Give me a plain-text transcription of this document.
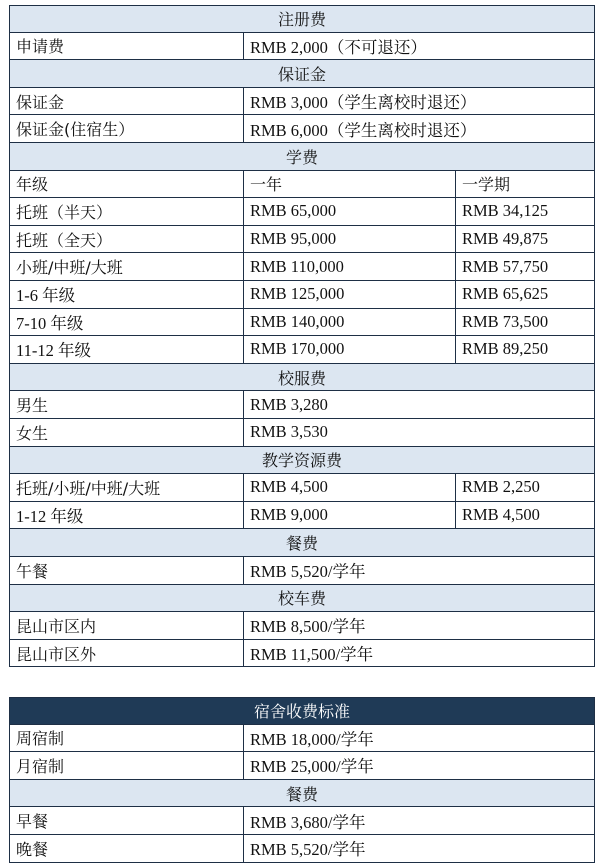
注册费
申请费	RMB 2,000（不可退还）
保证金
保证金	RMB 3,000（学生离校时退还）
保证金(住宿生）	RMB 6,000（学生离校时退还）
学费
年级	一年	一学期
托班（半天）	RMB 65,000	RMB 34,125
托班（全天）	RMB 95,000	RMB 49,875
小班/中班/大班	RMB 110,000	RMB 57,750
1-6 年级	RMB 125,000	RMB 65,625
7-10 年级	RMB 140,000	RMB 73,500
11-12 年级	RMB 170,000	RMB 89,250
校服费
男生	RMB 3,280
女生	RMB 3,530
教学资源费
托班/小班/中班/大班	RMB 4,500	RMB 2,250
1-12 年级	RMB 9,000	RMB 4,500
餐费
午餐	RMB 5,520/学年
校车费
昆山市区内	RMB 8,500/学年
昆山市区外	RMB 11,500/学年
宿舍收费标准
周宿制	RMB 18,000/学年
月宿制	RMB 25,000/学年
餐费
早餐	RMB 3,680/学年
晚餐	RMB 5,520/学年
